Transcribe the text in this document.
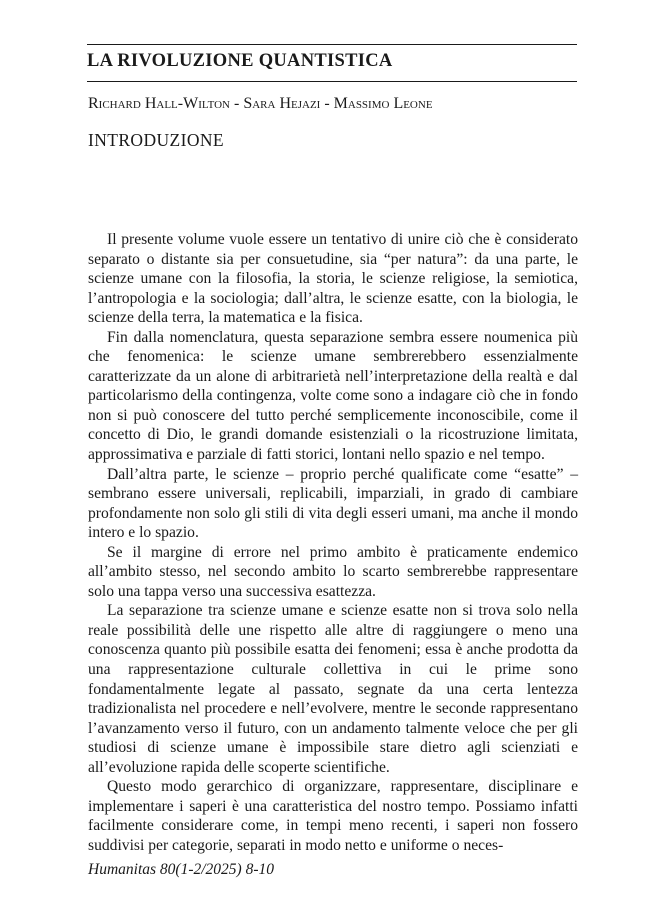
LA RIVOLUZIONE QUANTISTICA
Richard Hall-Wilton - Sara Hejazi - Massimo Leone
INTRODUZIONE

Il presente volume vuole essere un tentativo di unire ciò che è considerato separato o distante sia per consuetudine, sia “per natura”: da una parte, le scienze umane con la filosofia, la storia, le scienze religiose, la semiotica, l’antropologia e la sociologia; dall’altra, le scienze esatte, con la biologia, le scienze della terra, la matematica e la fisica.

Fin dalla nomenclatura, questa separazione sembra essere noumenica più che fenomenica: le scienze umane sembrerebbero essenzialmente caratterizzate da un alone di arbitrarietà nell’interpretazione della realtà e dal particolarismo della contingenza, volte come sono a indagare ciò che in fondo non si può conoscere del tutto perché semplicemente inconoscibile, come il concetto di Dio, le grandi domande esistenziali o la ricostruzione limitata, approssimativa e parziale di fatti storici, lontani nello spazio e nel tempo.

Dall’altra parte, le scienze – proprio perché qualificate come “esatte” – sembrano essere universali, replicabili, imparziali, in grado di cambiare profondamente non solo gli stili di vita degli esseri umani, ma anche il mondo intero e lo spazio.

Se il margine di errore nel primo ambito è praticamente endemico all’ambito stesso, nel secondo ambito lo scarto sembrerebbe rappresentare solo una tappa verso una successiva esattezza.

La separazione tra scienze umane e scienze esatte non si trova solo nella reale possibilità delle une rispetto alle altre di raggiungere o meno una conoscenza quanto più possibile esatta dei fenomeni; essa è anche prodotta da una rappresentazione culturale collettiva in cui le prime sono fondamentalmente legate al passato, segnate da una certa lentezza tradizionalista nel procedere e nell’evolvere, mentre le seconde rappresentano l’avanzamento verso il futuro, con un andamento talmente veloce che per gli studiosi di scienze umane è impossibile stare dietro agli scienziati e all’evoluzione rapida delle scoperte scientifiche.

Questo modo gerarchico di organizzare, rappresentare, disciplinare e implementare i saperi è una caratteristica del nostro tempo. Possiamo infatti facilmente considerare come, in tempi meno recenti, i saperi non fossero suddivisi per categorie, separati in modo netto e uniforme o neces-

Humanitas 80(1-2/2025) 8-10
